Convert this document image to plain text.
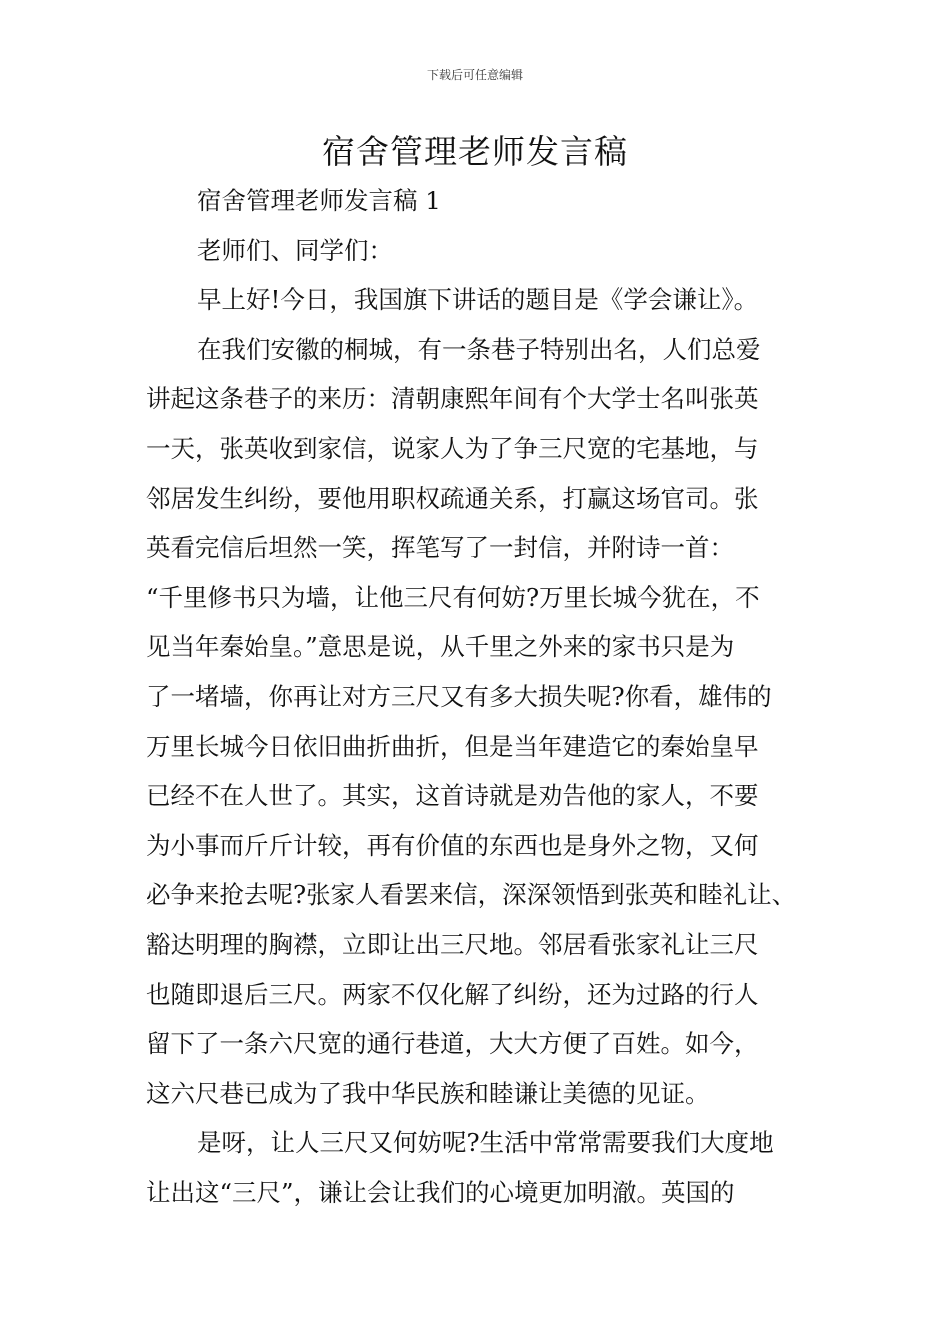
下载后可任意编辑
宿舍管理老师发言稿

宿舍管理老师发言稿 1

老师们、同学们：

早上好!今日，我国旗下讲话的题目是《学会谦让》。

在我们安徽的桐城，有一条巷子特别出名，人们总爱

讲起这条巷子的来历：清朝康熙年间有个大学士名叫张英

一天，张英收到家信，说家人为了争三尺宽的宅基地，与

邻居发生纠纷，要他用职权疏通关系，打赢这场官司。张

英看完信后坦然一笑，挥笔写了一封信，并附诗一首：

“千里修书只为墙，让他三尺有何妨?万里长城今犹在，不

见当年秦始皇。”意思是说，从千里之外来的家书只是为

了一堵墙，你再让对方三尺又有多大损失呢?你看，雄伟的

万里长城今日依旧曲折曲折，但是当年建造它的秦始皇早

已经不在人世了。其实，这首诗就是劝告他的家人，不要

为小事而斤斤计较，再有价值的东西也是身外之物，又何

必争来抢去呢?张家人看罢来信，深深领悟到张英和睦礼让、

豁达明理的胸襟，立即让出三尺地。邻居看张家礼让三尺

也随即退后三尺。两家不仅化解了纠纷，还为过路的行人

留下了一条六尺宽的通行巷道，大大方便了百姓。如今，

这六尺巷已成为了我中华民族和睦谦让美德的见证。

是呀，让人三尺又何妨呢?生活中常常需要我们大度地

让出这“三尺”，谦让会让我们的心境更加明澈。英国的
